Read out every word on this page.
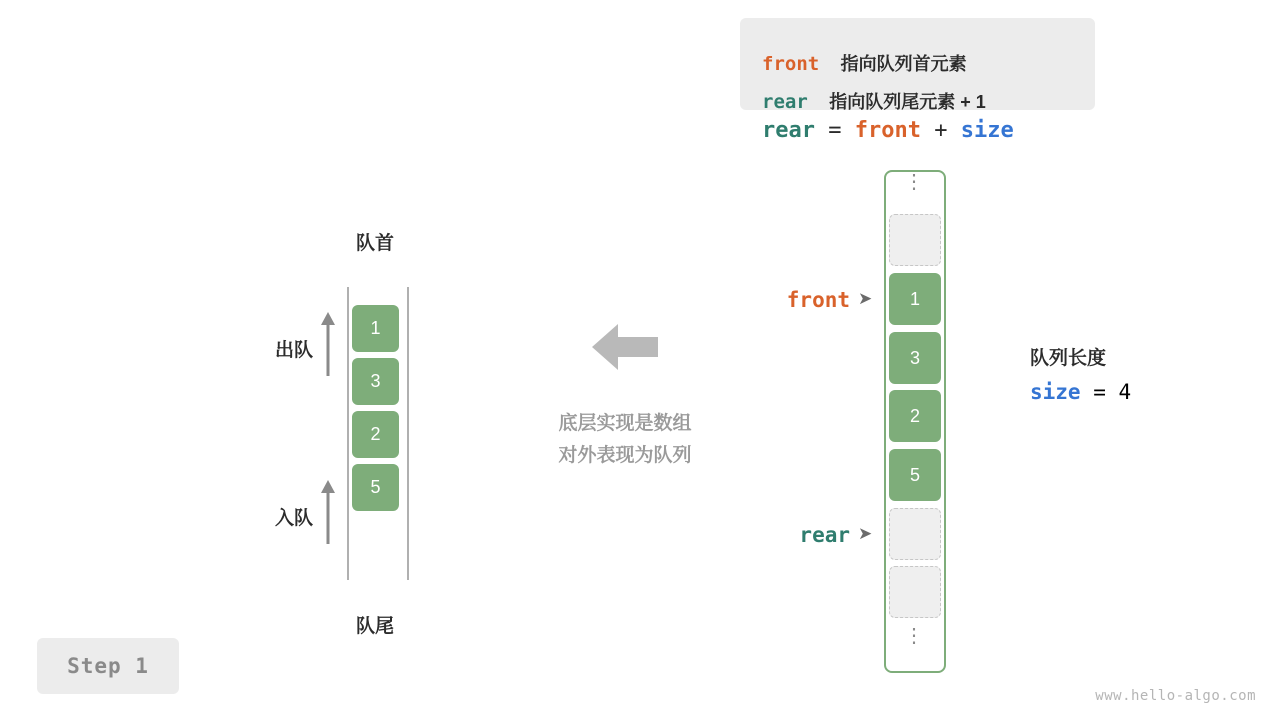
Step 1
队首
队尾
1
3
2
5
出队
入队
底层实现是数组
对外表现为队列
front 指向队列首元素
rear 指向队列尾元素 + 1
rear = front + size
⋮
⋮
1
3
2
5
front ➤
rear ➤
队列长度
size = 4
www.hello-algo.com
